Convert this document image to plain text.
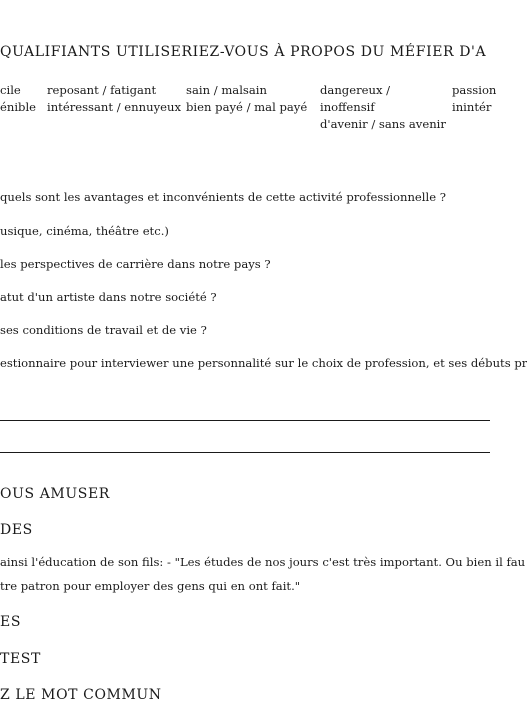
QUALIFIANTS UTILISERIEZ-VOUS À PROPOS DU MÉFIER D'A
cile
énible
reposant / fatigant
intéressant / ennuyeux
sain / malsain
bien payé / mal payé
dangereux /
inoffensif
d'avenir / sans avenir
passion
inintér
quels sont les avantages et inconvénients de cette activité professionnelle ?
usique, cinéma, théâtre etc.)
les perspectives de carrière dans notre pays ?
atut d'un artiste dans notre société ?
ses conditions de travail et de vie ?
estionnaire pour interviewer une personnalité sur le choix de profession, et ses débuts pr
OUS AMUSER
DES
ainsi l'éducation de son fils: - "Les études de nos jours c'est très important. Ou bien il fau
tre patron pour employer des gens qui en ont fait."
ES
TEST
Z LE MOT COMMUN
